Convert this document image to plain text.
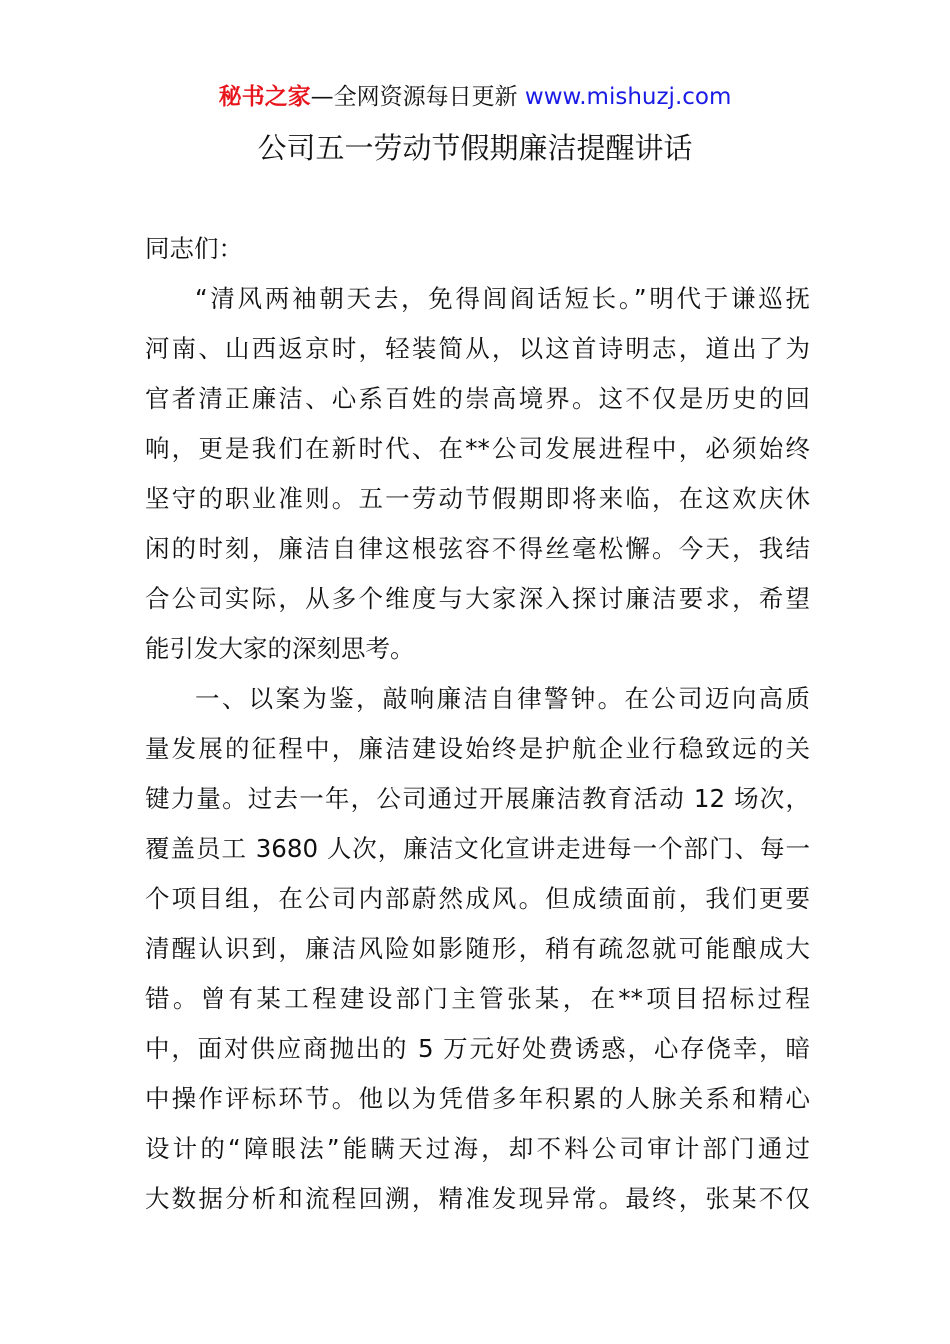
秘书之家—全网资源每日更新 www.mishuzj.com
公司五一劳动节假期廉洁提醒讲话
同志们：
“清风两袖朝天去，免得闾阎话短长。”明代于谦巡抚
河南、山西返京时，轻装简从，以这首诗明志，道出了为
官者清正廉洁、心系百姓的崇高境界。这不仅是历史的回
响，更是我们在新时代、在**公司发展进程中，必须始终
坚守的职业准则。五一劳动节假期即将来临，在这欢庆休
闲的时刻，廉洁自律这根弦容不得丝毫松懈。今天，我结
合公司实际，从多个维度与大家深入探讨廉洁要求，希望
能引发大家的深刻思考。
一、以案为鉴，敲响廉洁自律警钟。在公司迈向高质
量发展的征程中，廉洁建设始终是护航企业行稳致远的关
键力量。过去一年，公司通过开展廉洁教育活动 12 场次，
覆盖员工 3680 人次，廉洁文化宣讲走进每一个部门、每一
个项目组，在公司内部蔚然成风。但成绩面前，我们更要
清醒认识到，廉洁风险如影随形，稍有疏忽就可能酿成大
错。曾有某工程建设部门主管张某，在**项目招标过程
中，面对供应商抛出的 5 万元好处费诱惑，心存侥幸，暗
中操作评标环节。他以为凭借多年积累的人脉关系和精心
设计的“障眼法”能瞒天过海，却不料公司审计部门通过
大数据分析和流程回溯，精准发现异常。最终，张某不仅
